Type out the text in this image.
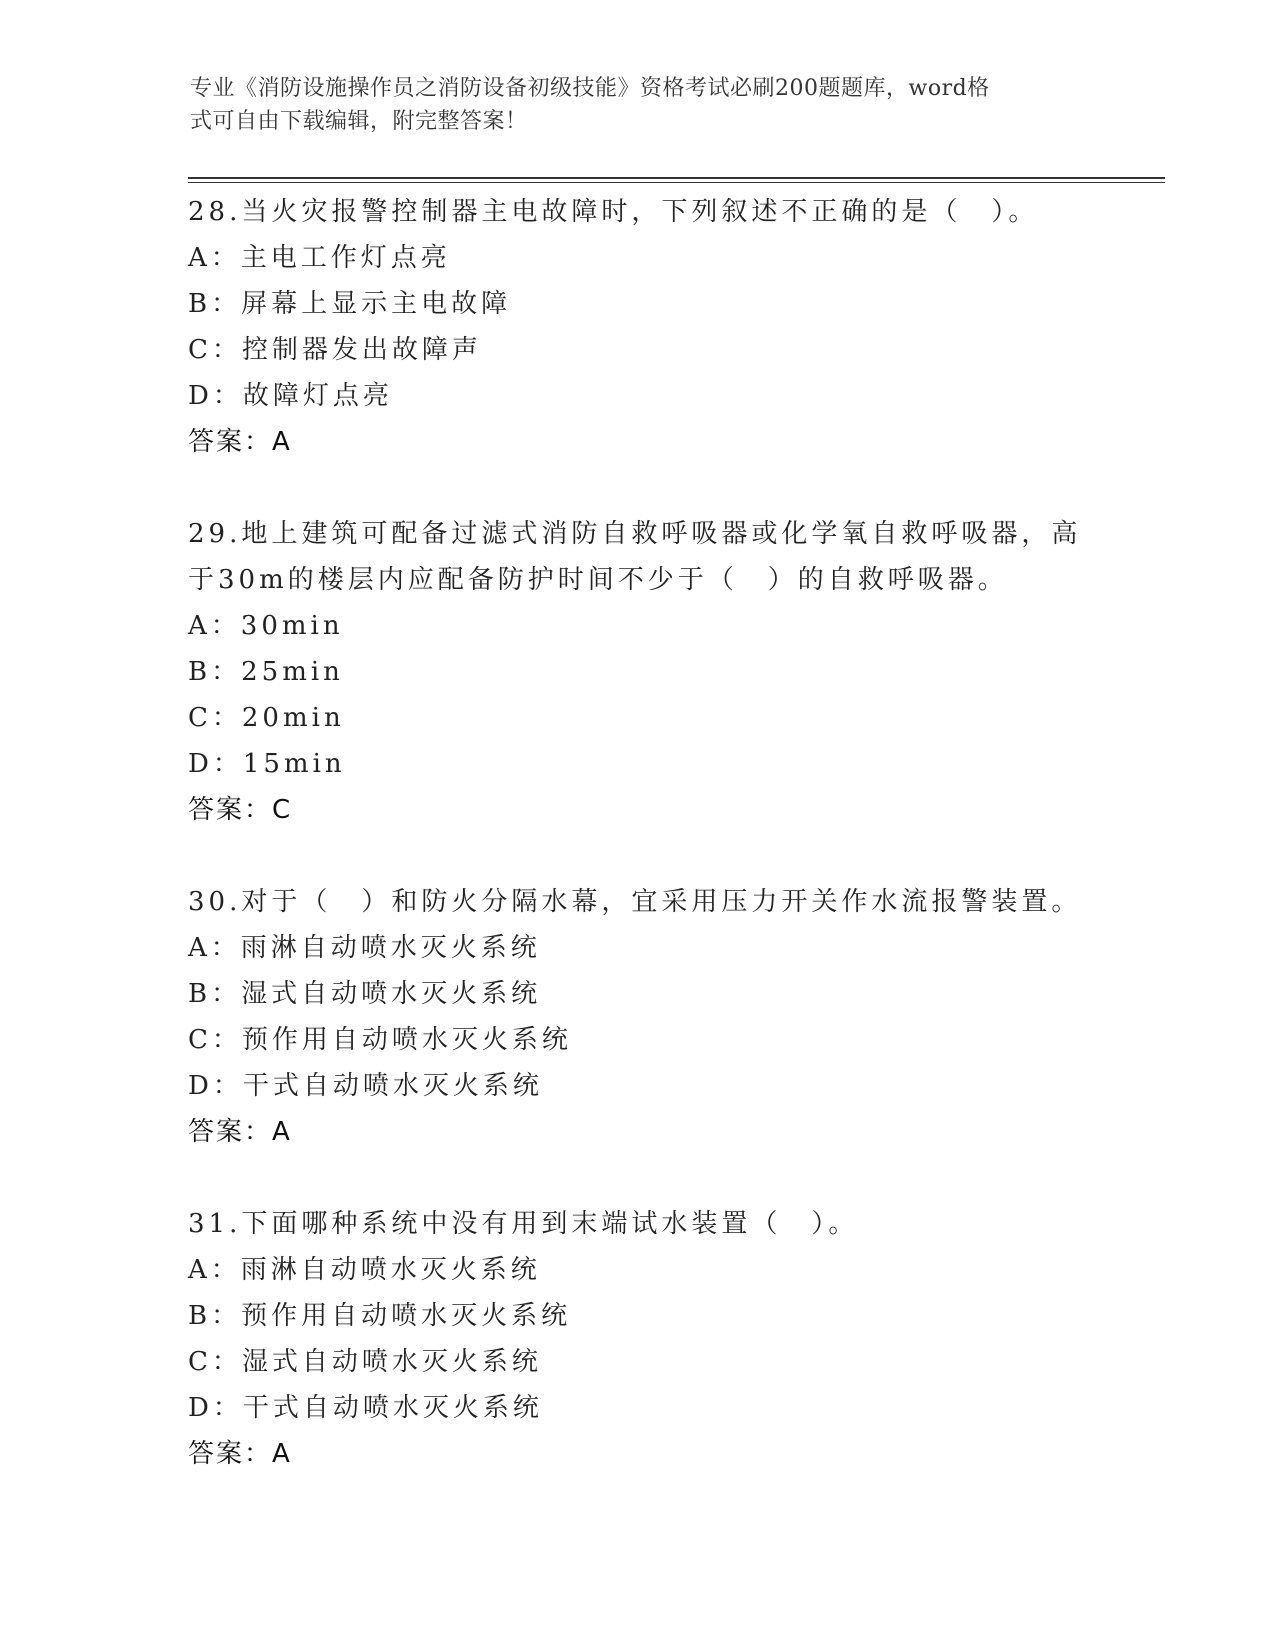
专业《消防设施操作员之消防设备初级技能》资格考试必刷200题题库，word格
式可自由下载编辑，附完整答案！
28.当火灾报警控制器主电故障时，下列叙述不正确的是（　）。
A：主电工作灯点亮
B：屏幕上显示主电故障
C：控制器发出故障声
D：故障灯点亮
答案：A
29.地上建筑可配备过滤式消防自救呼吸器或化学氧自救呼吸器，高于30m的楼层内应配备防护时间不少于（　）的自救呼吸器。
A：30min
B：25min
C：20min
D：15min
答案：C
30.对于（　）和防火分隔水幕，宜采用压力开关作水流报警装置。
A：雨淋自动喷水灭火系统
B：湿式自动喷水灭火系统
C：预作用自动喷水灭火系统
D：干式自动喷水灭火系统
答案：A
31.下面哪种系统中没有用到末端试水装置（　）。
A：雨淋自动喷水灭火系统
B：预作用自动喷水灭火系统
C：湿式自动喷水灭火系统
D：干式自动喷水灭火系统
答案：A
